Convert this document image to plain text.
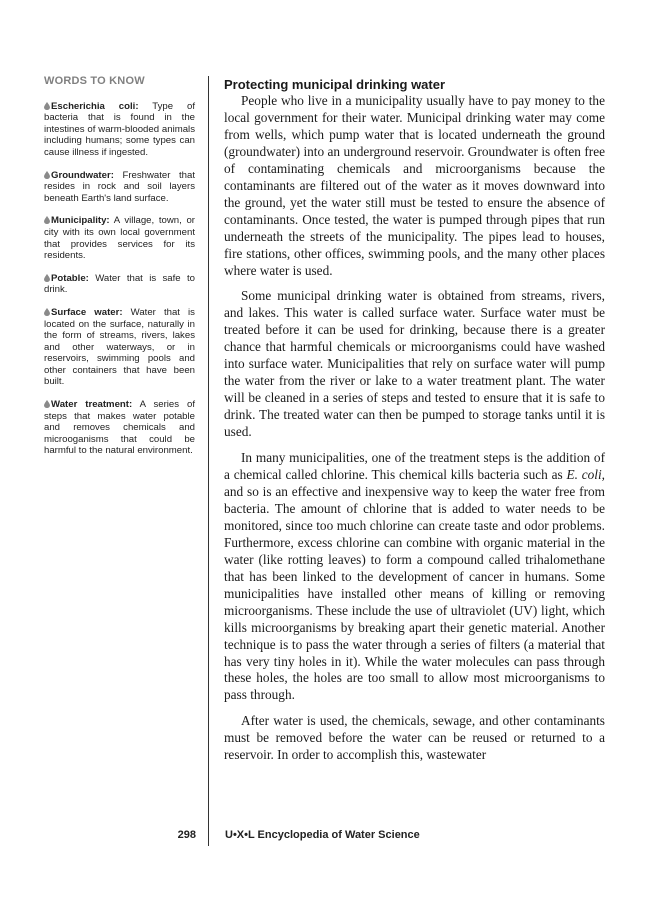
WORDS TO KNOW
Escherichia coli: Type of bacteria that is found in the intestines of warm-blooded animals including humans; some types can cause illness if ingested.
Groundwater: Freshwater that resides in rock and soil layers beneath Earth's land surface.
Municipality: A village, town, or city with its own local government that provides services for its residents.
Potable: Water that is safe to drink.
Surface water: Water that is located on the surface, naturally in the form of streams, rivers, lakes and other waterways, or in reservoirs, swimming pools and other containers that have been built.
Water treatment: A series of steps that makes water potable and removes chemicals and microoganisms that could be harmful to the natural environment.
Protecting municipal drinking water

People who live in a municipality usually have to pay money to the local government for their water. Municipal drinking water may come from wells, which pump water that is located underneath the ground (groundwater) into an underground reservoir. Groundwater is often free of contaminating chemicals and microorganisms because the contaminants are filtered out of the water as it moves downward into the ground, yet the water still must be tested to ensure the absence of contaminants. Once tested, the water is pumped through pipes that run underneath the streets of the municipality. The pipes lead to houses, fire stations, other offices, swimming pools, and the many other places where water is used.

Some municipal drinking water is obtained from streams, rivers, and lakes. This water is called surface water. Surface water must be treated before it can be used for drinking, because there is a greater chance that harmful chemicals or microorganisms could have washed into surface water. Municipalities that rely on surface water will pump the water from the river or lake to a water treatment plant. The water will be cleaned in a series of steps and tested to ensure that it is safe to drink. The treated water can then be pumped to storage tanks until it is used.

In many municipalities, one of the treatment steps is the addition of a chemical called chlorine. This chemical kills bacteria such as E. coli, and so is an effective and inexpensive way to keep the water free from bacteria. The amount of chlorine that is added to water needs to be monitored, since too much chlorine can create taste and odor problems. Furthermore, excess chlorine can combine with organic material in the water (like rotting leaves) to form a compound called trihalomethane that has been linked to the development of cancer in humans. Some municipalities have installed other means of killing or removing microorganisms. These include the use of ultraviolet (UV) light, which kills microorganisms by breaking apart their genetic material. Another technique is to pass the water through a series of filters (a material that has very tiny holes in it). While the water molecules can pass through these holes, the holes are too small to allow most microorganisms to pass through.

After water is used, the chemicals, sewage, and other contaminants must be removed before the water can be reused or returned to a reservoir. In order to accomplish this, wastewater

298	U•X•L Encyclopedia of Water Science
